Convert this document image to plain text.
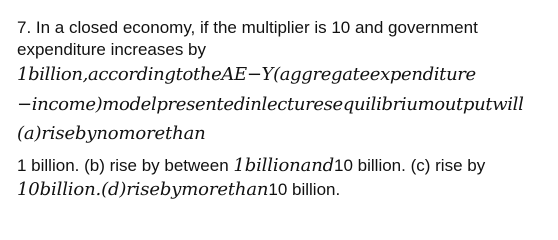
7. In a closed economy, if the multiplier is 10 and government
expenditure increases by
1billion,accordingtotheAE−Y(aggregateexpenditure
−income)modelpresentedinlecturesequilibriumoutputwill
(a)risebynomorethan
1 billion. (b) rise by between 1billionand10 billion. (c) rise by
10billion.(d)risebymorethan10 billion.
